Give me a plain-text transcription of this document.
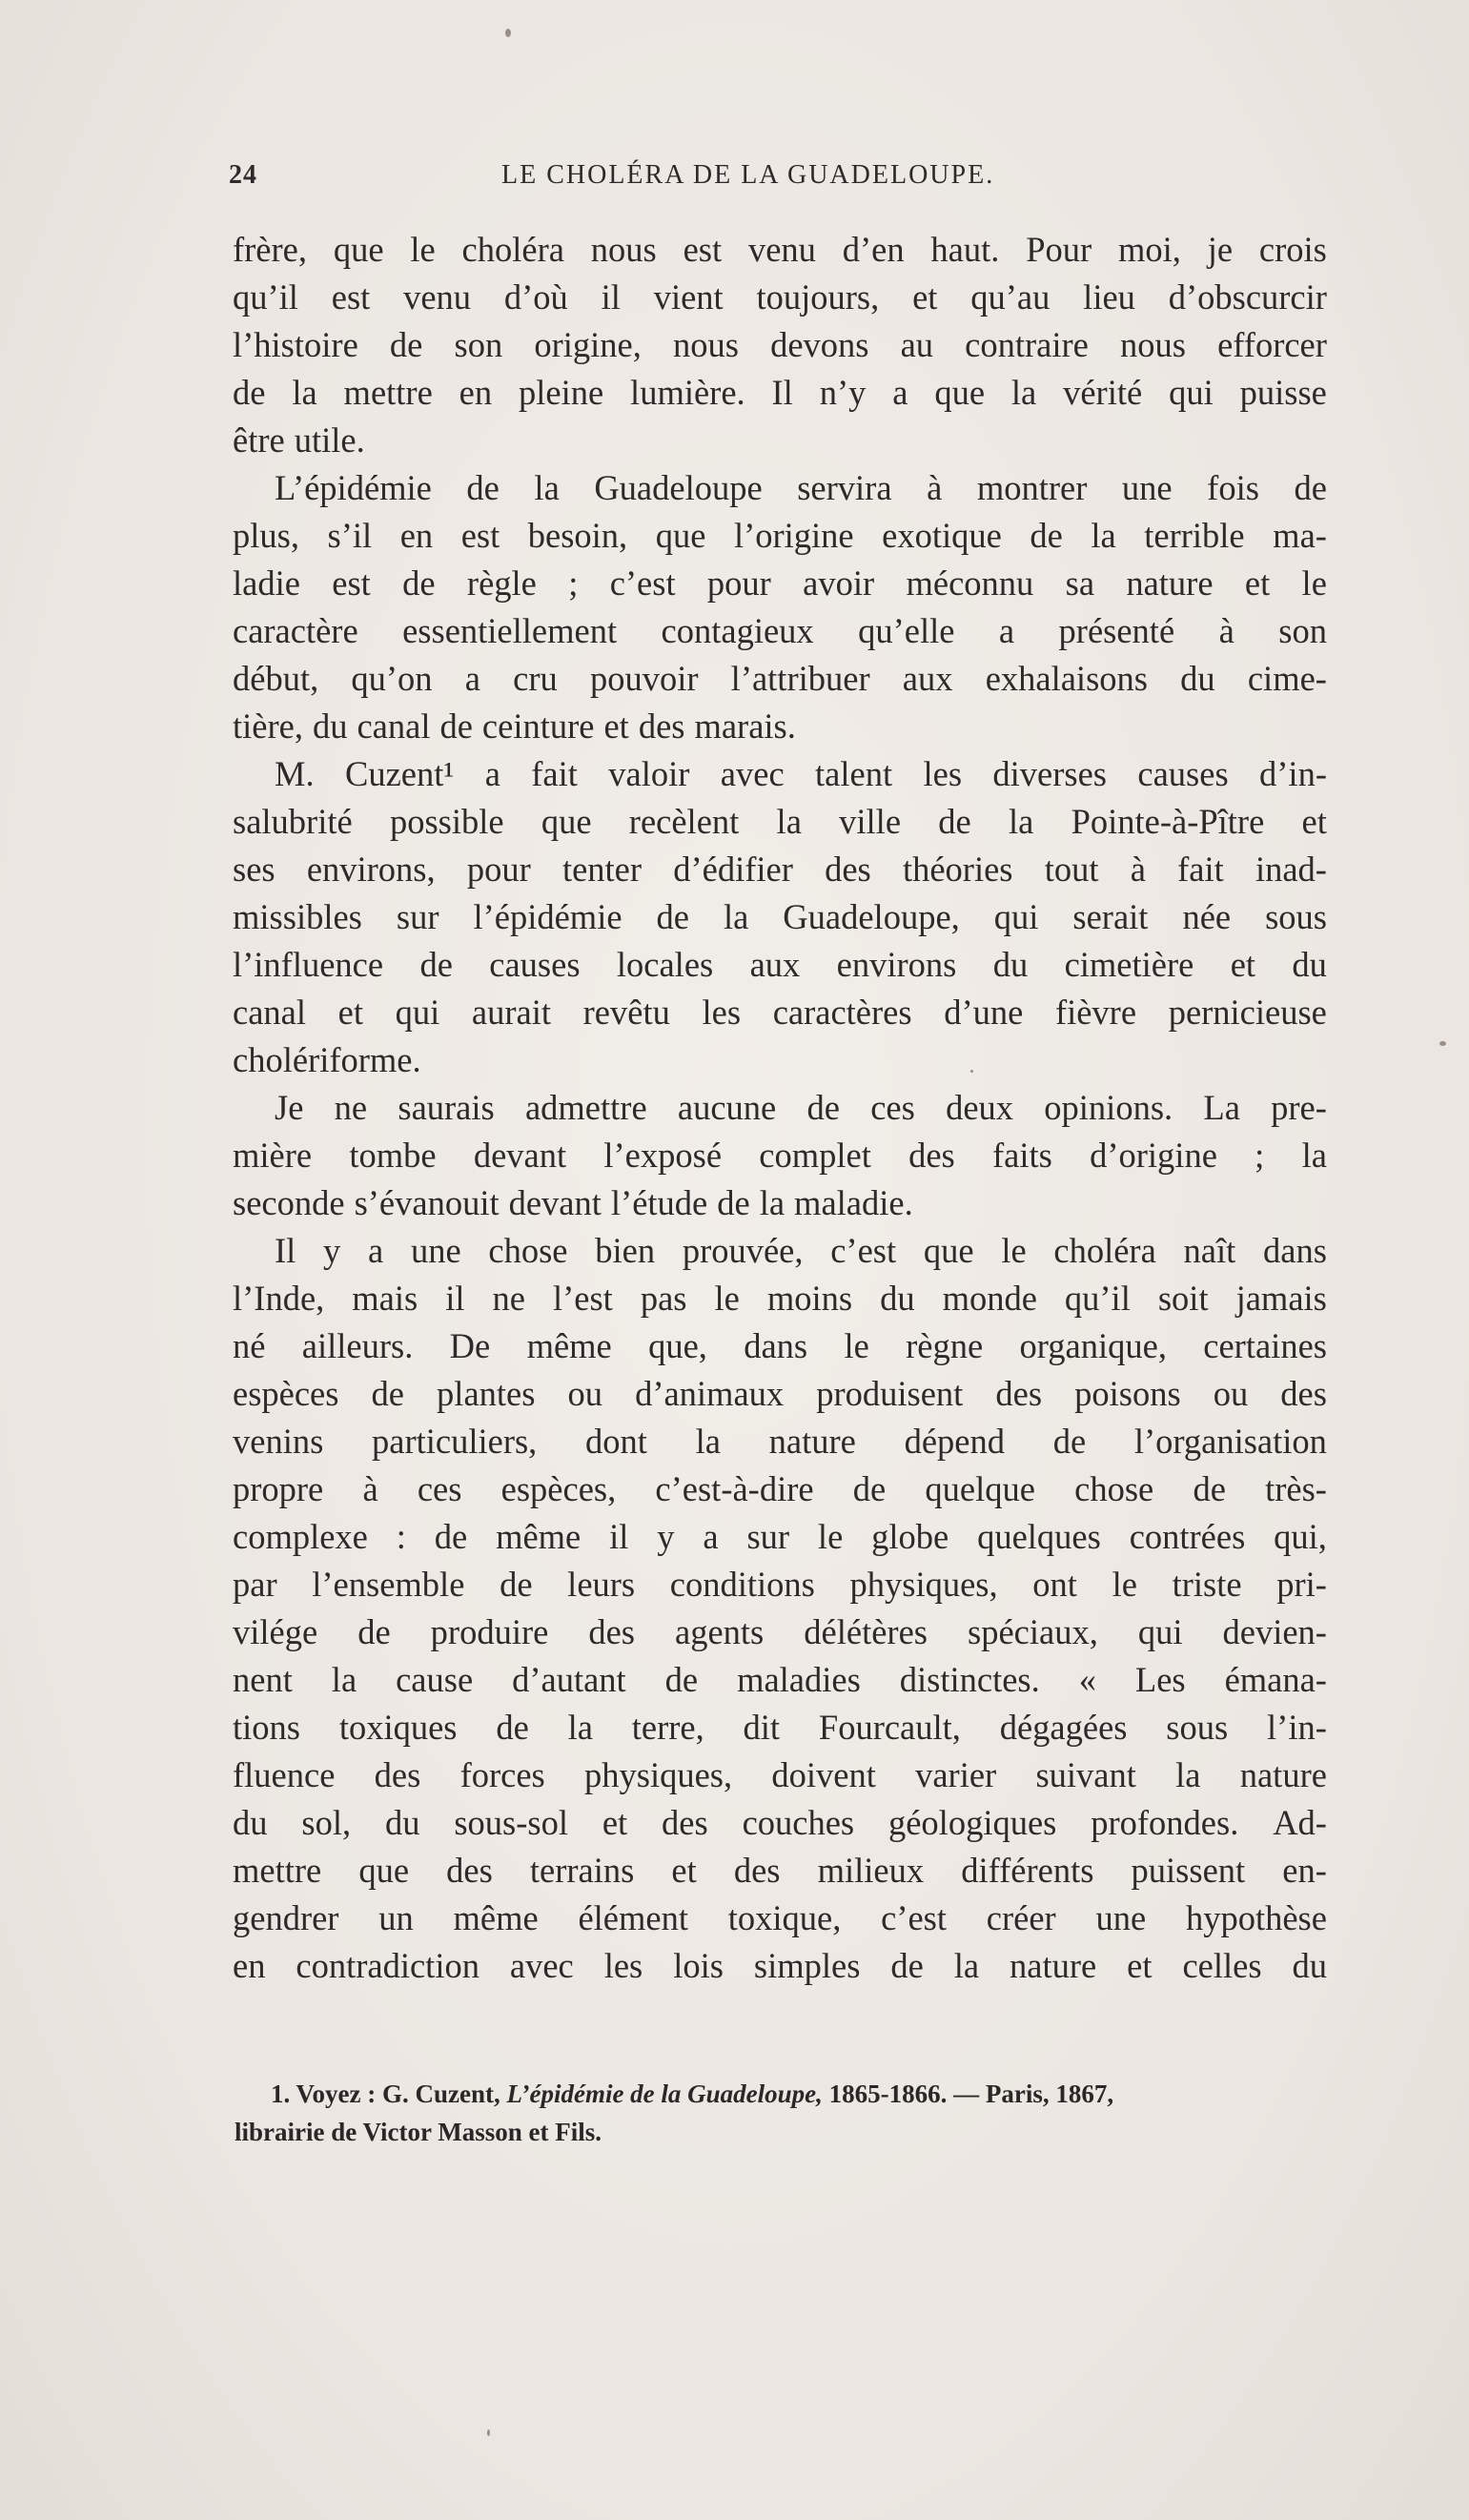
24	LE CHOLÉRA DE LA GUADELOUPE.
frère, que le choléra nous est venu d’en haut. Pour moi, je crois
qu’il est venu d’où il vient toujours, et qu’au lieu d’obscurcir
l’histoire de son origine, nous devons au contraire nous efforcer
de la mettre en pleine lumière. Il n’y a que la vérité qui puisse
être utile.
L’épidémie de la Guadeloupe servira à montrer une fois de
plus, s’il en est besoin, que l’origine exotique de la terrible ma-
ladie est de règle ; c’est pour avoir méconnu sa nature et le
caractère essentiellement contagieux qu’elle a présenté à son
début, qu’on a cru pouvoir l’attribuer aux exhalaisons du cime-
tière, du canal de ceinture et des marais.
M. Cuzent¹ a fait valoir avec talent les diverses causes d’in-
salubrité possible que recèlent la ville de la Pointe-à-Pître et
ses environs, pour tenter d’édifier des théories tout à fait inad-
missibles sur l’épidémie de la Guadeloupe, qui serait née sous
l’influence de causes locales aux environs du cimetière et du
canal et qui aurait revêtu les caractères d’une fièvre pernicieuse
cholériforme.
Je ne saurais admettre aucune de ces deux opinions. La pre-
mière tombe devant l’exposé complet des faits d’origine ; la
seconde s’évanouit devant l’étude de la maladie.
Il y a une chose bien prouvée, c’est que le choléra naît dans
l’Inde, mais il ne l’est pas le moins du monde qu’il soit jamais
né ailleurs. De même que, dans le règne organique, certaines
espèces de plantes ou d’animaux produisent des poisons ou des
venins particuliers, dont la nature dépend de l’organisation
propre à ces espèces, c’est-à-dire de quelque chose de très-
complexe : de même il y a sur le globe quelques contrées qui,
par l’ensemble de leurs conditions physiques, ont le triste pri-
vilége de produire des agents délétères spéciaux, qui devien-
nent la cause d’autant de maladies distinctes. « Les émana-
tions toxiques de la terre, dit Fourcault, dégagées sous l’in-
fluence des forces physiques, doivent varier suivant la nature
du sol, du sous-sol et des couches géologiques profondes. Ad-
mettre que des terrains et des milieux différents puissent en-
gendrer un même élément toxique, c’est créer une hypothèse
en contradiction avec les lois simples de la nature et celles du
1. Voyez : G. Cuzent, L’épidémie de la Guadeloupe, 1865-1866. — Paris, 1867,
librairie de Victor Masson et Fils.
